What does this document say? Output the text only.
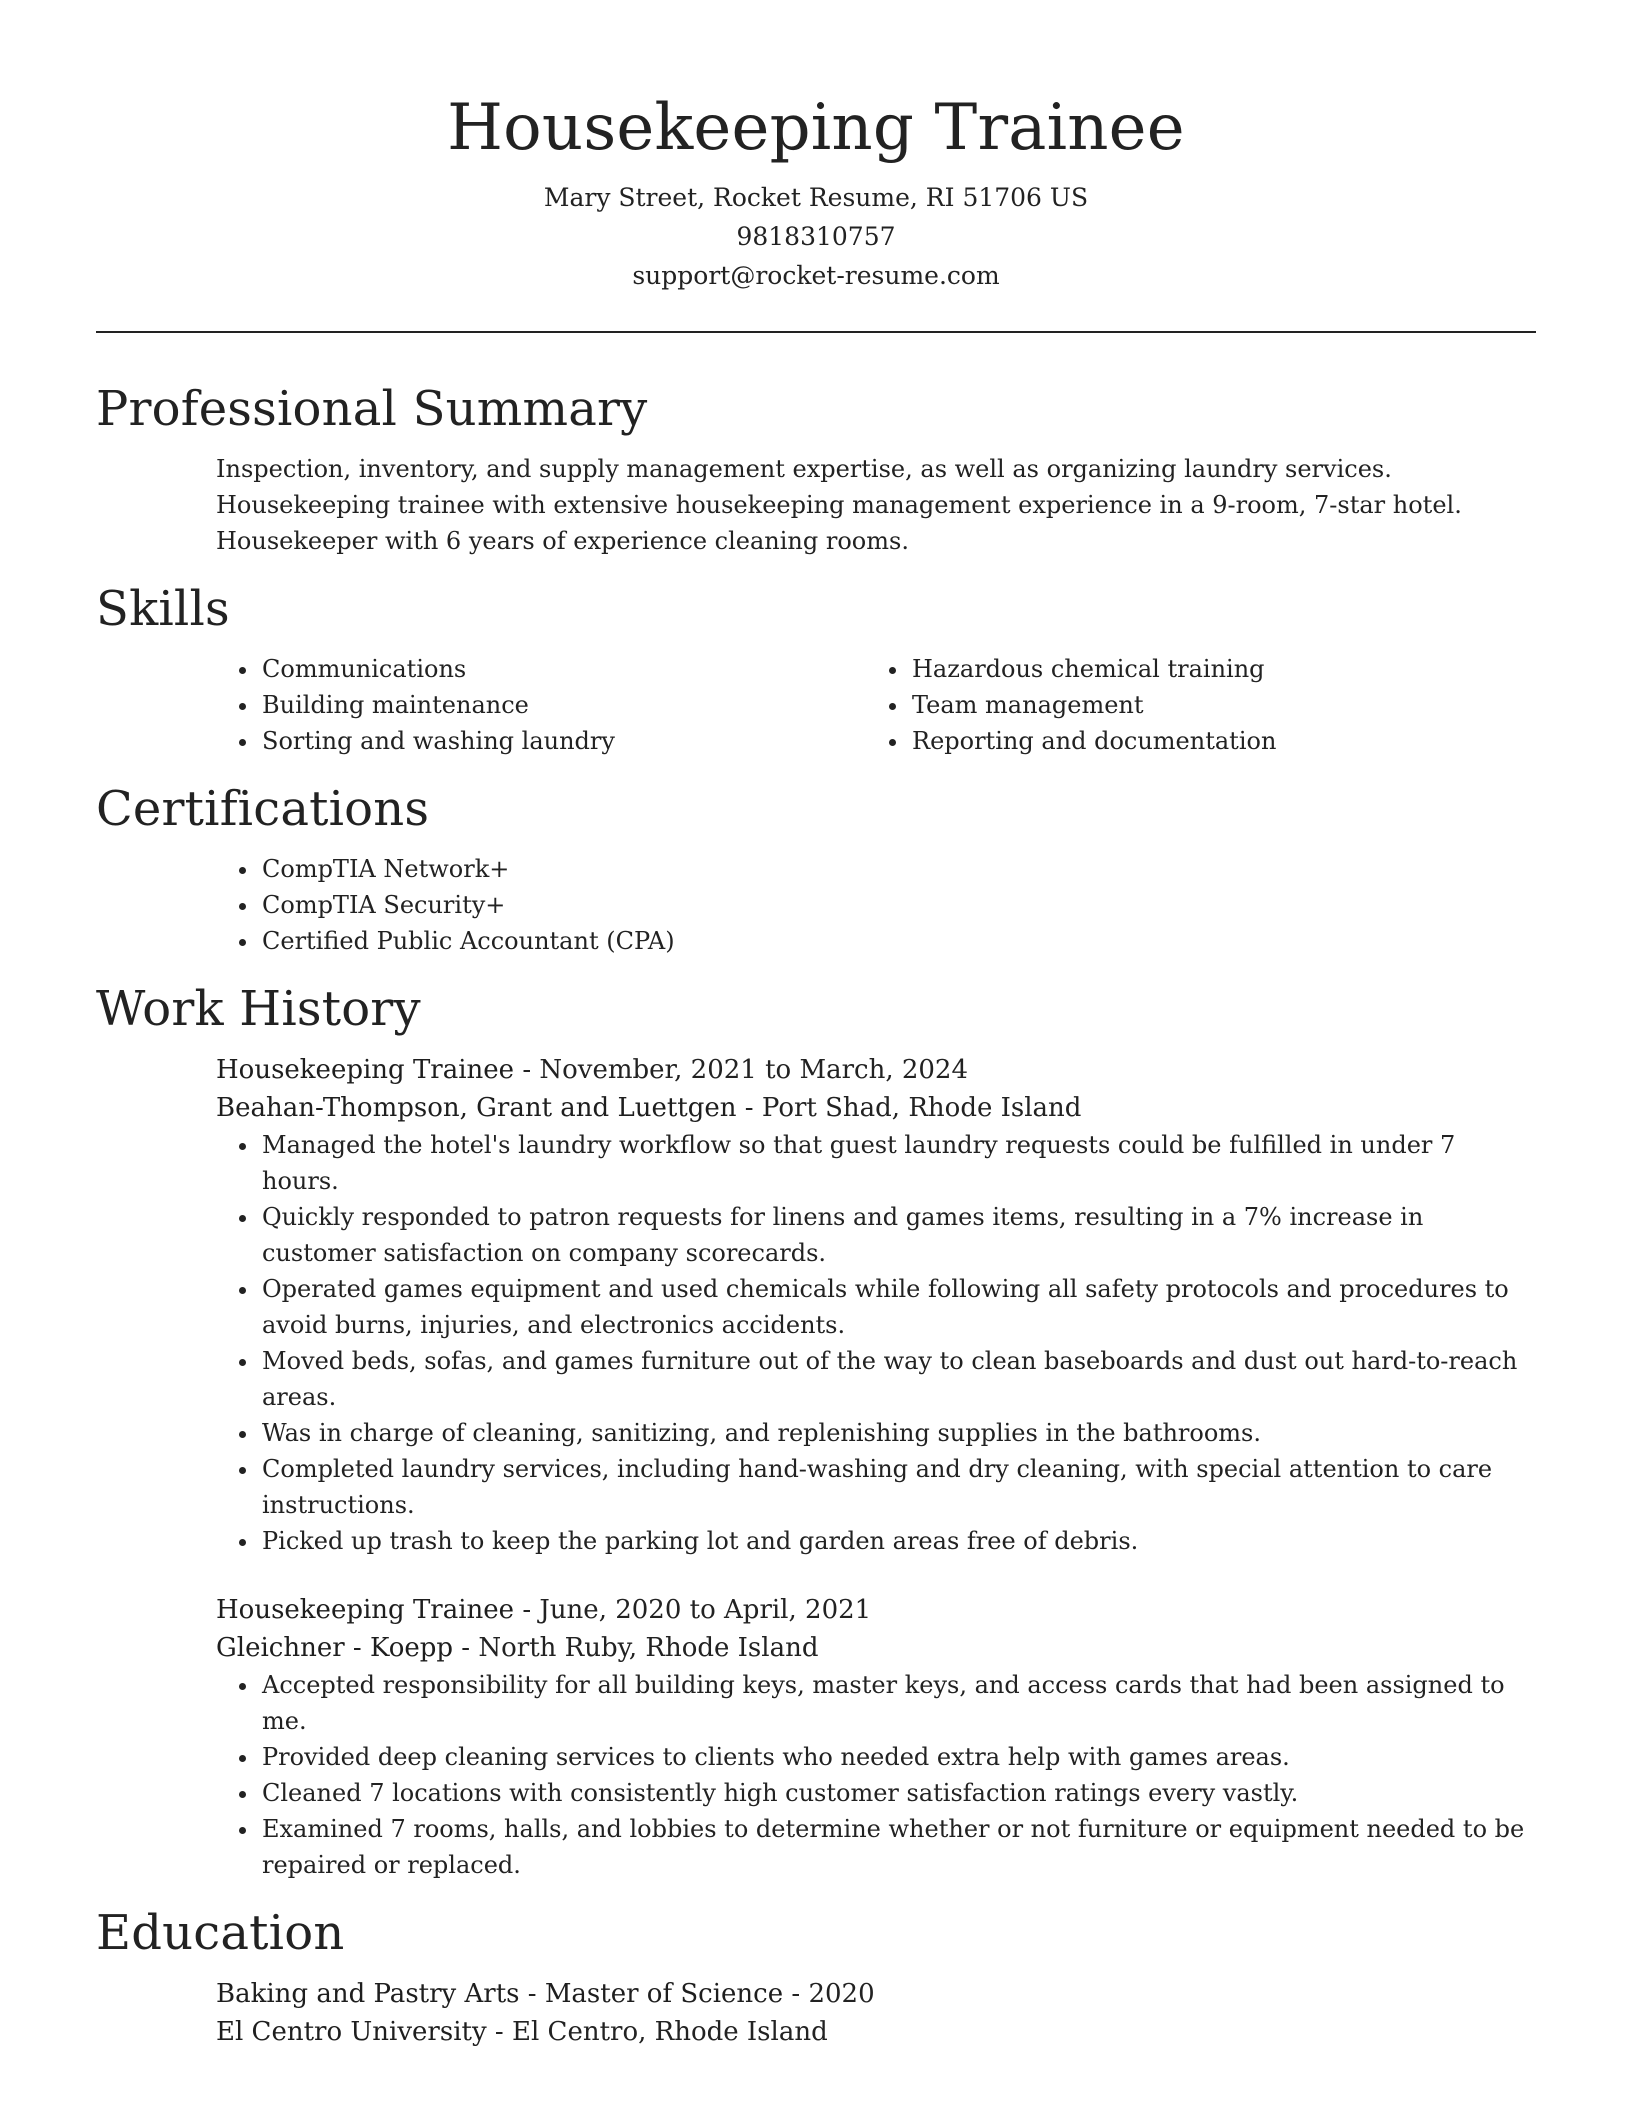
Housekeeping Trainee
Mary Street, Rocket Resume, RI 51706 US
9818310757
support@rocket-resume.com
Professional Summary

Inspection, inventory, and supply management expertise, as well as organizing laundry services.

Housekeeping trainee with extensive housekeeping management experience in a 9-room, 7-star hotel.

Housekeeper with 6 years of experience cleaning rooms.

Skills
• Communications
• Building maintenance
• Sorting and washing laundry
• Hazardous chemical training
• Team management
• Reporting and documentation
Certifications
• CompTIA Network+
• CompTIA Security+
• Certified Public Accountant (CPA)
Work History
Housekeeping Trainee - November, 2021 to March, 2024
Beahan-Thompson, Grant and Luettgen - Port Shad, Rhode Island
• Managed the hotel's laundry workflow so that guest laundry requests could be fulfilled in under 7 hours.
• Quickly responded to patron requests for linens and games items, resulting in a 7% increase in customer satisfaction on company scorecards.
• Operated games equipment and used chemicals while following all safety protocols and procedures to avoid burns, injuries, and electronics accidents.
• Moved beds, sofas, and games furniture out of the way to clean baseboards and dust out hard-to-reach areas.
• Was in charge of cleaning, sanitizing, and replenishing supplies in the bathrooms.
• Completed laundry services, including hand-washing and dry cleaning, with special attention to care instructions.
• Picked up trash to keep the parking lot and garden areas free of debris.
Housekeeping Trainee - June, 2020 to April, 2021
Gleichner - Koepp - North Ruby, Rhode Island
• Accepted responsibility for all building keys, master keys, and access cards that had been assigned to me.
• Provided deep cleaning services to clients who needed extra help with games areas.
• Cleaned 7 locations with consistently high customer satisfaction ratings every vastly.
• Examined 7 rooms, halls, and lobbies to determine whether or not furniture or equipment needed to be repaired or replaced.
Education
Baking and Pastry Arts - Master of Science - 2020
El Centro University - El Centro, Rhode Island
